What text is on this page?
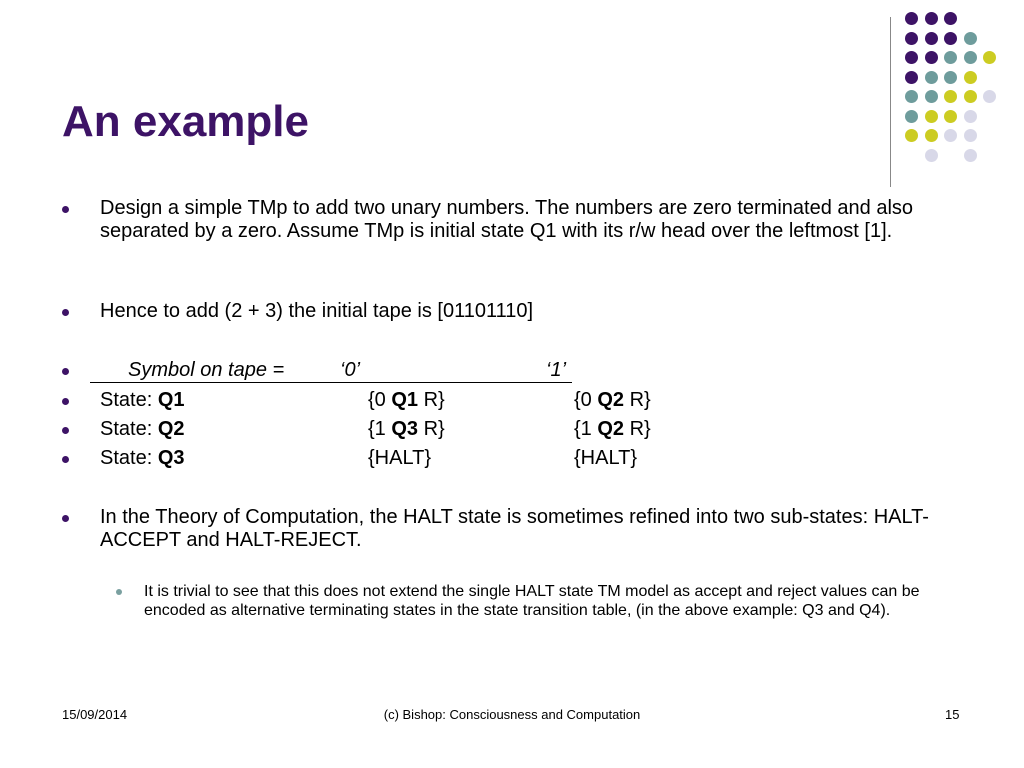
An example
Design a simple TMp to add two unary numbers. The numbers are zero terminated and also separated by a zero. Assume TMp is initial state Q1 with its r/w head over the leftmost [1].
Hence to add (2 + 3) the initial tape is [01101110]
Symbol on tape =	‘0’	‘1’
State: Q1	{0 Q1 R}	{0 Q2 R}
State: Q2	{1 Q3 R}	{1 Q2 R}
State: Q3	{HALT}	{HALT}
In the Theory of Computation, the HALT state is sometimes refined into two sub-states: HALT-ACCEPT and HALT-REJECT.
It is trivial to see that this does not extend the single HALT state TM model as accept and reject values can be encoded as alternative terminating states in the state transition table, (in the above example: Q3 and Q4).
15/09/2014	(c) Bishop: Consciousness and Computation	15
